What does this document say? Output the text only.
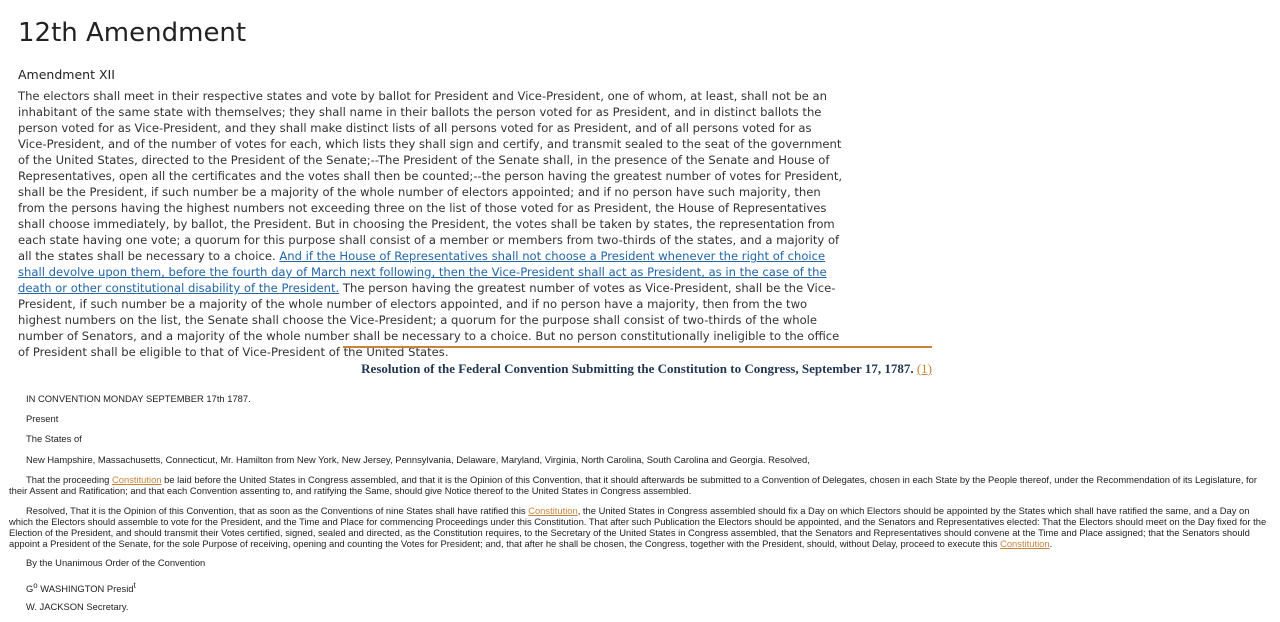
12th Amendment
Amendment XII

The electors shall meet in their respective states and vote by ballot for President and Vice-President, one of whom, at least, shall not be an inhabitant of the same state with themselves; they shall name in their ballots the person voted for as President, and in distinct ballots the person voted for as Vice-President, and they shall make distinct lists of all persons voted for as President, and of all persons voted for as Vice-President, and of the number of votes for each, which lists they shall sign and certify, and transmit sealed to the seat of the government of the United States, directed to the President of the Senate;--The President of the Senate shall, in the presence of the Senate and House of Representatives, open all the certificates and the votes shall then be counted;--the person having the greatest number of votes for President, shall be the President, if such number be a majority of the whole number of electors appointed; and if no person have such majority, then from the persons having the highest numbers not exceeding three on the list of those voted for as President, the House of Representatives shall choose immediately, by ballot, the President. But in choosing the President, the votes shall be taken by states, the representation from each state having one vote; a quorum for this purpose shall consist of a member or members from two-thirds of the states, and a majority of all the states shall be necessary to a choice. And if the House of Representatives shall not choose a President whenever the right of choice shall devolve upon them, before the fourth day of March next following, then the Vice-President shall act as President, as in the case of the death or other constitutional disability of the President. The person having the greatest number of votes as Vice-President, shall be the Vice-President, if such number be a majority of the whole number of electors appointed, and if no person have a majority, then from the two highest numbers on the list, the Senate shall choose the Vice-President; a quorum for the purpose shall consist of two-thirds of the whole number of Senators, and a majority of the whole number shall be necessary to a choice. But no person constitutionally ineligible to the office of President shall be eligible to that of Vice-President of the United States.

Resolution of the Federal Convention Submitting the Constitution to Congress, September 17, 1787. (1)

IN CONVENTION MONDAY SEPTEMBER 17th 1787.

Present

The States of

New Hampshire, Massachusetts, Connecticut, Mr. Hamilton from New York, New Jersey, Pennsylvania, Delaware, Maryland, Virginia, North Carolina, South Carolina and Georgia. Resolved,

That the proceeding Constitution be laid before the United States in Congress assembled, and that it is the Opinion of this Convention, that it should afterwards be submitted to a Convention of Delegates, chosen in each State by the People thereof, under the Recommendation of its Legislature, for their Assent and Ratification; and that each Convention assenting to, and ratifying the Same, should give Notice thereof to the United States in Congress assembled.

Resolved, That it is the Opinion of this Convention, that as soon as the Conventions of nine States shall have ratified this Constitution, the United States in Congress assembled should fix a Day on which Electors should be appointed by the States which shall have ratified the same, and a Day on which the Electors should assemble to vote for the President, and the Time and Place for commencing Proceedings under this Constitution. That after such Publication the Electors should be appointed, and the Senators and Representatives elected: That the Electors should meet on the Day fixed for the Election of the President, and should transmit their Votes certified, signed, sealed and directed, as the Constitution requires, to the Secretary of the United States in Congress assembled, that the Senators and Representatives should convene at the Time and Place assigned; that the Senators should appoint a President of the Senate, for the sole Purpose of receiving, opening and counting the Votes for President; and, that after he shall be chosen, the Congress, together with the President, should, without Delay, proceed to execute this Constitution.

By the Unanimous Order of the Convention

$G^o$ WASHINGTON Presid$^t$

W. JACKSON Secretary.
